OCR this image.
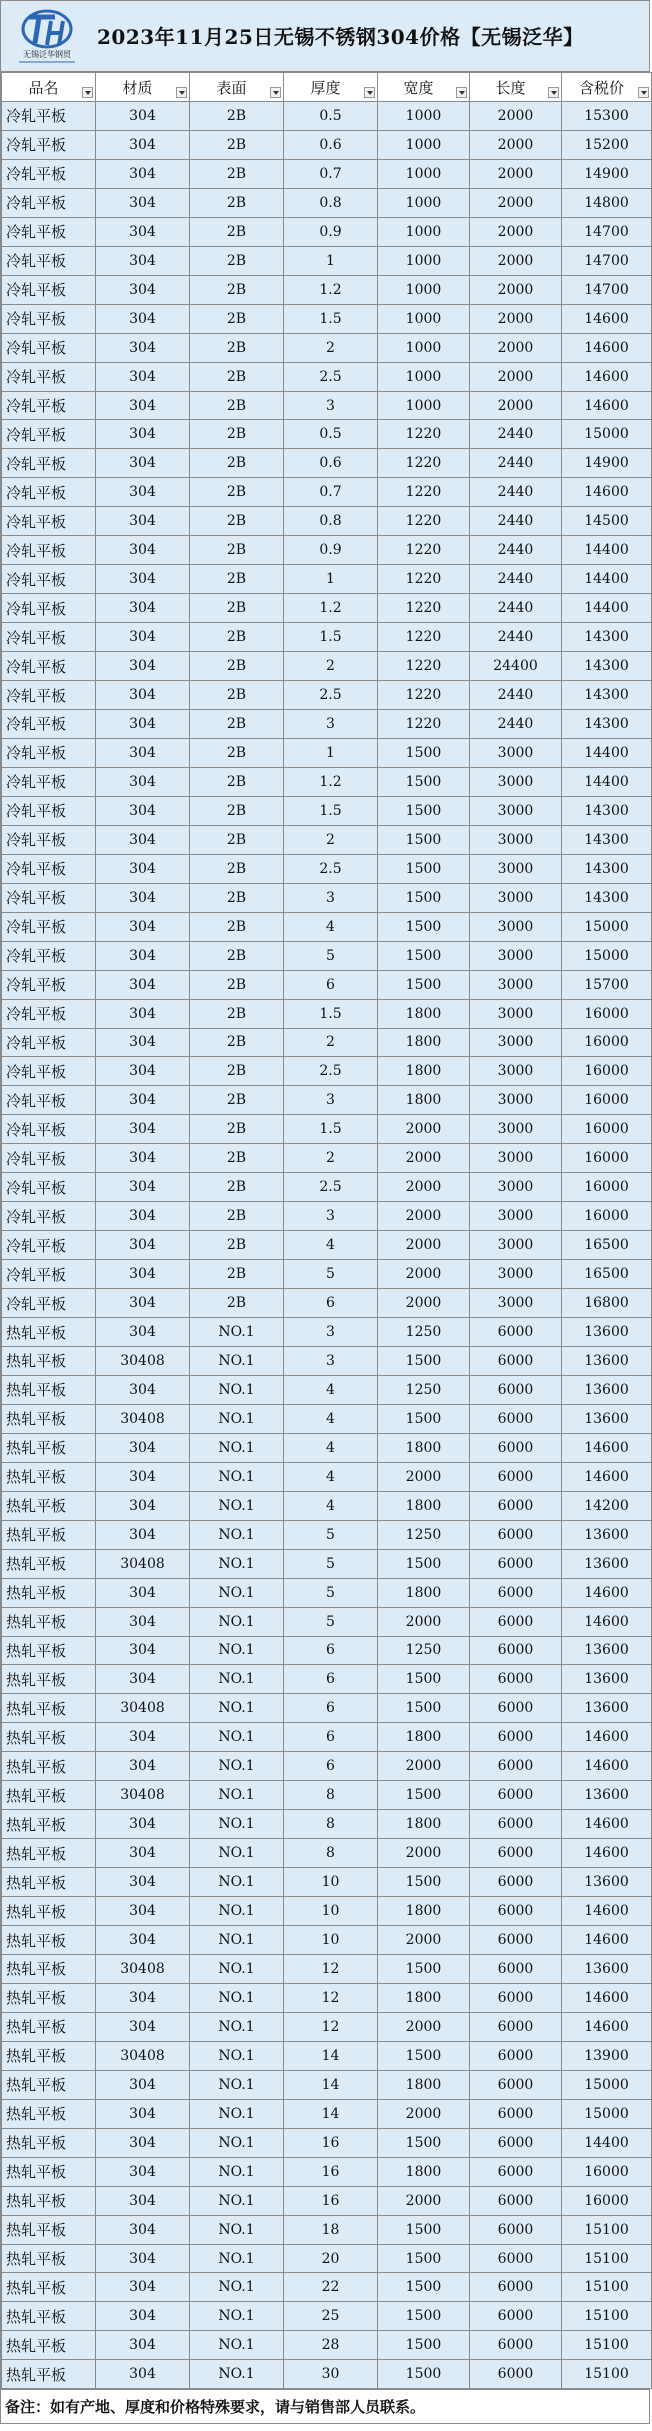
无锡泛华钢贸
2023年11月25日无锡不锈钢304价格【无锡泛华】
品名	材质	表面	厚度	宽度	长度	含税价

冷轧平板	304	2B	0.5	1000	2000	15300
冷轧平板	304	2B	0.6	1000	2000	15200
冷轧平板	304	2B	0.7	1000	2000	14900
冷轧平板	304	2B	0.8	1000	2000	14800
冷轧平板	304	2B	0.9	1000	2000	14700
冷轧平板	304	2B	1	1000	2000	14700
冷轧平板	304	2B	1.2	1000	2000	14700
冷轧平板	304	2B	1.5	1000	2000	14600
冷轧平板	304	2B	2	1000	2000	14600
冷轧平板	304	2B	2.5	1000	2000	14600
冷轧平板	304	2B	3	1000	2000	14600
冷轧平板	304	2B	0.5	1220	2440	15000
冷轧平板	304	2B	0.6	1220	2440	14900
冷轧平板	304	2B	0.7	1220	2440	14600
冷轧平板	304	2B	0.8	1220	2440	14500
冷轧平板	304	2B	0.9	1220	2440	14400
冷轧平板	304	2B	1	1220	2440	14400
冷轧平板	304	2B	1.2	1220	2440	14400
冷轧平板	304	2B	1.5	1220	2440	14300
冷轧平板	304	2B	2	1220	24400	14300
冷轧平板	304	2B	2.5	1220	2440	14300
冷轧平板	304	2B	3	1220	2440	14300
冷轧平板	304	2B	1	1500	3000	14400
冷轧平板	304	2B	1.2	1500	3000	14400
冷轧平板	304	2B	1.5	1500	3000	14300
冷轧平板	304	2B	2	1500	3000	14300
冷轧平板	304	2B	2.5	1500	3000	14300
冷轧平板	304	2B	3	1500	3000	14300
冷轧平板	304	2B	4	1500	3000	15000
冷轧平板	304	2B	5	1500	3000	15000
冷轧平板	304	2B	6	1500	3000	15700
冷轧平板	304	2B	1.5	1800	3000	16000
冷轧平板	304	2B	2	1800	3000	16000
冷轧平板	304	2B	2.5	1800	3000	16000
冷轧平板	304	2B	3	1800	3000	16000
冷轧平板	304	2B	1.5	2000	3000	16000
冷轧平板	304	2B	2	2000	3000	16000
冷轧平板	304	2B	2.5	2000	3000	16000
冷轧平板	304	2B	3	2000	3000	16000
冷轧平板	304	2B	4	2000	3000	16500
冷轧平板	304	2B	5	2000	3000	16500
冷轧平板	304	2B	6	2000	3000	16800
热轧平板	304	NO.1	3	1250	6000	13600
热轧平板	30408	NO.1	3	1500	6000	13600
热轧平板	304	NO.1	4	1250	6000	13600
热轧平板	30408	NO.1	4	1500	6000	13600
热轧平板	304	NO.1	4	1800	6000	14600
热轧平板	304	NO.1	4	2000	6000	14600
热轧平板	304	NO.1	4	1800	6000	14200
热轧平板	304	NO.1	5	1250	6000	13600
热轧平板	30408	NO.1	5	1500	6000	13600
热轧平板	304	NO.1	5	1800	6000	14600
热轧平板	304	NO.1	5	2000	6000	14600
热轧平板	304	NO.1	6	1250	6000	13600
热轧平板	304	NO.1	6	1500	6000	13600
热轧平板	30408	NO.1	6	1500	6000	13600
热轧平板	304	NO.1	6	1800	6000	14600
热轧平板	304	NO.1	6	2000	6000	14600
热轧平板	30408	NO.1	8	1500	6000	13600
热轧平板	304	NO.1	8	1800	6000	14600
热轧平板	304	NO.1	8	2000	6000	14600
热轧平板	304	NO.1	10	1500	6000	13600
热轧平板	304	NO.1	10	1800	6000	14600
热轧平板	304	NO.1	10	2000	6000	14600
热轧平板	30408	NO.1	12	1500	6000	13600
热轧平板	304	NO.1	12	1800	6000	14600
热轧平板	304	NO.1	12	2000	6000	14600
热轧平板	30408	NO.1	14	1500	6000	13900
热轧平板	304	NO.1	14	1800	6000	15000
热轧平板	304	NO.1	14	2000	6000	15000
热轧平板	304	NO.1	16	1500	6000	14400
热轧平板	304	NO.1	16	1800	6000	16000
热轧平板	304	NO.1	16	2000	6000	16000
热轧平板	304	NO.1	18	1500	6000	15100
热轧平板	304	NO.1	20	1500	6000	15100
热轧平板	304	NO.1	22	1500	6000	15100
热轧平板	304	NO.1	25	1500	6000	15100
热轧平板	304	NO.1	28	1500	6000	15100
热轧平板	304	NO.1	30	1500	6000	15100
备注：如有产地、厚度和价格特殊要求，请与销售部人员联系。
